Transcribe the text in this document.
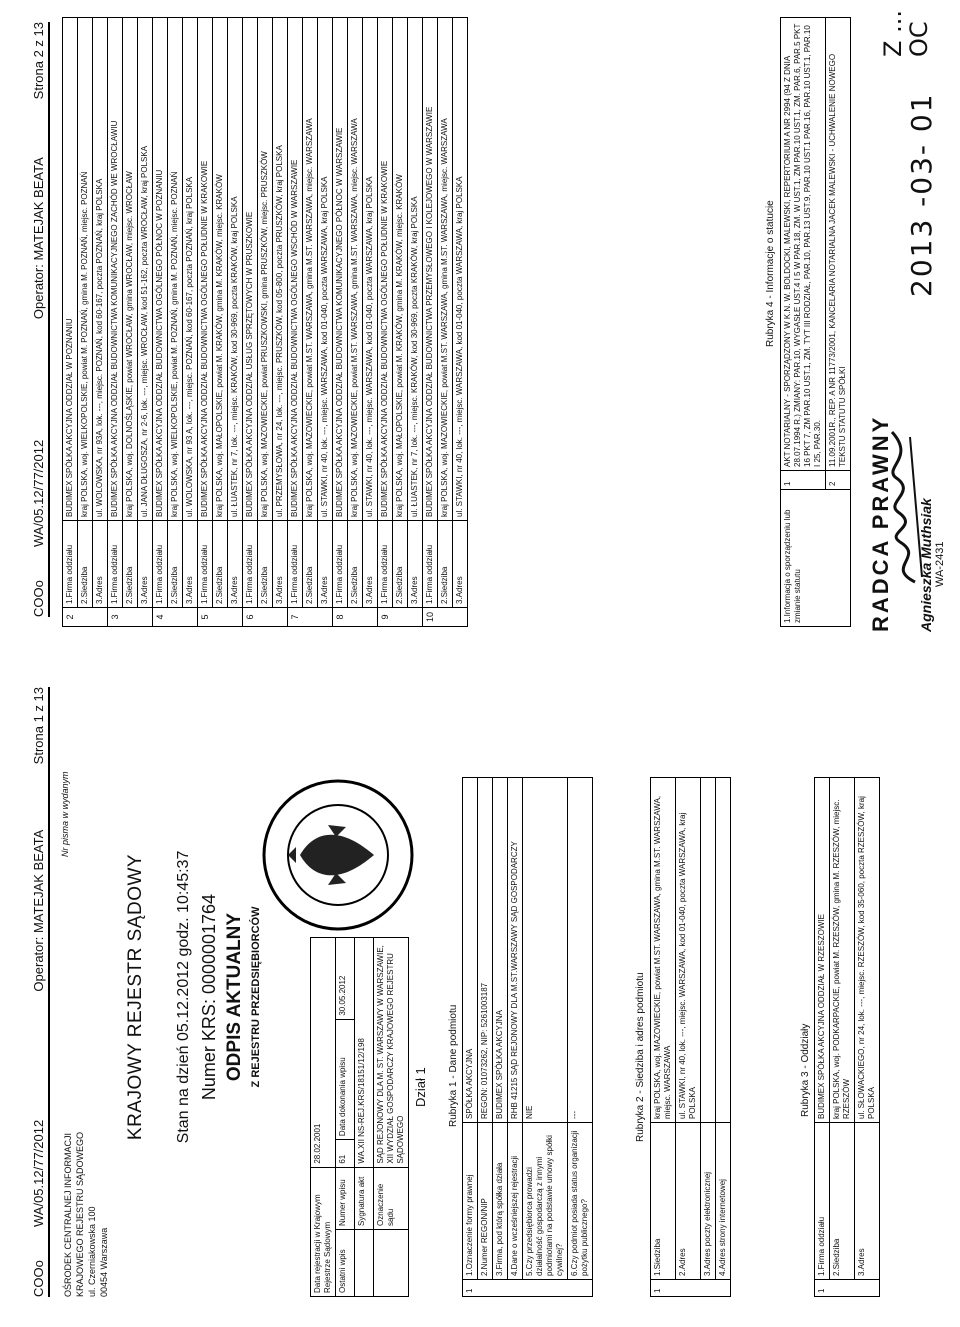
COOo
WA/05.12/77/2012
Operator: MATEJAK BEATA
Strona 1 z 13
OŚRODEK CENTRALNEJ INFORMACJI KRAJOWEGO REJESTRU SĄDOWEGO ul. Czerniakowska 100 00454 Warszawa
Nr pisma w wydanym
KRAJOWY REJESTR SĄDOWY Stan na dzień 05.12.2012 godz. 10:45:37 Numer KRS: 0000001764 ODPIS AKTUALNY Z REJESTRU PRZEDSIĘBIORCÓW
Data rejestracji w Krajowym Rejestrze Sądowym		28.02.2001		
Ostatni wpis	Numer wpisu	61	Data dokonania wpisu	30.05.2012
	Sygnatura akt	WA.XII NS-REJ.KRS/18151/12/198		
	Oznaczenie sądu	SĄD REJONOWY DLA M. ST. WARSZAWY W WARSZAWIE, XII WYDZIAŁ GOSPODARCZY KRAJOWEGO REJESTRU SĄDOWEGO		
Dział 1 Rubryka 1 - Dane podmiotu
1	1.Oznaczenie formy prawnej	SPÓŁKA AKCYJNA
	2.Numer REGON/NIP	REGON: 01073262, NIP: 5261003187
	3.Firma, pod którą spółka działa	BUDIMEX SPÓŁKA AKCYJNA
	4.Dane o wcześniejszej rejestracji	RHB 41215 SĄD REJONOWY DLA M.ST.WARSZAWY SĄD GOSPODARCZY
	5.Czy przedsiębiorca prowadzi działalność gospodarczą z innymi podmiotami na podstawie umowy spółki cywilnej?	NIE
	6.Czy podmiot posiada status organizacji pożytku publicznego?	---	Rubryka 2 - Siedziba i adres podmiotu
1	1.Siedziba	kraj POLSKA, woj. MAZOWIECKIE, powiat M.ST. WARSZAWA, gmina M.ST. WARSZAWA, miejsc. WARSZAWA
	2.Adres	ul. STAWKI, nr 40, lok. ---, miejsc. WARSZAWA, kod 01-040, poczta WARSZAWA, kraj POLSKA
	3.Adres poczty elektronicznej	
	4.Adres strony internetowej	
Rubryka 3 - Oddziały
1	1.Firma oddziału	BUDIMEX SPÓŁKA AKCYJNA ODDZIAŁ W RZESZOWIE
	2.Siedziba	kraj POLSKA, woj. PODKARPACKIE, powiat M. RZESZÓW, gmina M. RZESZÓW, miejsc. RZESZÓW
	3.Adres	ul. SŁOWACKIEGO, nr 24, lok. ---, miejsc. RZESZÓW, kod 35-060, poczta RZESZÓW, kraj POLSKA
COOo
WA/05.12/77/2012
Operator: MATEJAK BEATA
Strona 2 z 13
2	1.Firma oddziału	BUDIMEX SPÓŁKA AKCYJNA ODDZIAŁ W POZNANIU
	2.Siedziba	kraj POLSKA, woj. WIELKOPOLSKIE, powiat M. POZNAŃ, gmina M. POZNAŃ, miejsc. POZNAŃ
	3.Adres	ul. WOLOWSKA, nr 93A, lok. ---, miejsc. POZNAŃ, kod 60-167, poczta POZNAŃ, kraj POLSKA
3	1.Firma oddziału	BUDIMEX SPÓŁKA AKCYJNA ODDZIAŁ BUDOWNICTWA KOMUNIKACYJNEGO ZACHÓD WE WROCŁAWIU
	2.Siedziba	kraj POLSKA, woj. DOLNOŚLĄSKIE, powiat WROCŁAW, gmina WROCŁAW, miejsc. WROCŁAW
	3.Adres	ul. JANA DŁUGOSZA, nr 2-6, lok. ---, miejsc. WROCŁAW, kod 51-162, poczta WROCŁAW, kraj POLSKA
4	1.Firma oddziału	BUDIMEX SPÓŁKA AKCYJNA ODDZIAŁ BUDOWNICTWA OGÓLNEGO PÓŁNOC W POZNANIU
	2.Siedziba	kraj POLSKA, woj. WIELKOPOLSKIE, powiat M. POZNAŃ, gmina M. POZNAŃ, miejsc. POZNAŃ
	3.Adres	ul. WOLOWSKA, nr 93 A, lok. ---, miejsc. POZNAŃ, kod 60-167, poczta POZNAŃ, kraj POLSKA
5	1.Firma oddziału	BUDIMEX SPÓŁKA AKCYJNA ODDZIAŁ BUDOWNICTWA OGÓLNEGO POŁUDNIE W KRAKOWIE
	2.Siedziba	kraj POLSKA, woj. MAŁOPOLSKIE, powiat M. KRAKÓW, gmina M. KRAKÓW, miejsc. KRAKÓW
	3.Adres	ul. ŁUASTEK, nr 7, lok. ---, miejsc. KRAKÓW, kod 30-969, poczta KRAKÓW, kraj POLSKA
6	1.Firma oddziału	BUDIMEX SPÓŁKA AKCYJNA ODDZIAŁ USŁUG SPRZĘTOWYCH W PRUSZKOWIE
	2.Siedziba	kraj POLSKA, woj. MAZOWIECKIE, powiat PRUSZKOWSKI, gmina PRUSZKÓW, miejsc. PRUSZKÓW
	3.Adres	ul. PRZEMYSŁOWA, nr 24, lok. ---, miejsc. PRUSZKÓW, kod 05-800, poczta PRUSZKÓW, kraj POLSKA
7	1.Firma oddziału	BUDIMEX SPÓŁKA AKCYJNA ODDZIAŁ BUDOWNICTWA OGÓLNEGO WSCHÓD W WARSZAWIE
	2.Siedziba	kraj POLSKA, woj. MAZOWIECKIE, powiat M.ST. WARSZAWA, gmina M.ST. WARSZAWA, miejsc. WARSZAWA
	3.Adres	ul. STAWKI, nr 40, lok. ---, miejsc. WARSZAWA, kod 01-040, poczta WARSZAWA, kraj POLSKA
8	1.Firma oddziału	BUDIMEX SPÓŁKA AKCYJNA ODDZIAŁ BUDOWNICTWA KOMUNIKACYJNEGO PÓŁNOC W WARSZAWIE
	2.Siedziba	kraj POLSKA, woj. MAZOWIECKIE, powiat M.ST. WARSZAWA, gmina M.ST. WARSZAWA, miejsc. WARSZAWA
	3.Adres	ul. STAWKI, nr 40, lok. ---, miejsc. WARSZAWA, kod 01-040, poczta WARSZAWA, kraj POLSKA
9	1.Firma oddziału	BUDIMEX SPÓŁKA AKCYJNA ODDZIAŁ BUDOWNICTWA OGÓLNEGO POŁUDNIE W KRAKOWIE
	2.Siedziba	kraj POLSKA, woj. MAŁOPOLSKIE, powiat M. KRAKÓW, gmina M. KRAKÓW, miejsc. KRAKÓW
	3.Adres	ul. ŁUASTEK, nr 7, lok. ---, miejsc. KRAKÓW, kod 30-969, poczta KRAKÓW, kraj POLSKA
10	1.Firma oddziału	BUDIMEX SPÓŁKA AKCYJNA ODDZIAŁ BUDOWNICTWA PRZEMYSŁOWEGO I KOLEJOWEGO W WARSZAWIE
	2.Siedziba	kraj POLSKA, woj. MAZOWIECKIE, powiat M.ST. WARSZAWA, gmina M.ST. WARSZAWA, miejsc. WARSZAWA
	3.Adres	ul. STAWKI, nr 40, lok. ---, miejsc. WARSZAWA, kod 01-040, poczta WARSZAWA, kraj POLSKA	Rubryka 4 - Informacje o statucie
1.Informacja o sporządzeniu lub zmianie statutu	1	AKT NOTARIALNY - SPORZĄDZONY W K.N. W. BOLDOCKI, MALEWSKI, REPERTORIUM A NR 2994 (94 Z DNIA 28.07.1994 R.) ZMIANY: PAR.10, WYGASŁE UST.4 I 5 W PAR.18, ZM. W UST.1, ZM PAR.10 UST.1, ZM. PAR.6, PAR.5 PKT 16 PKT 7, ZM PAR.10 UST.1, ZM. TYT III RODZIAŁ, PAR.10, PAR.13 UST.9, PAR.10 UST.1 PAR.16, PAR.10 UST.1, PAR.10 I 25, PAR.30.
	2	11.09.2001R., REP. A NR 11773/2001, KANCELARIA NOTARIALNA JACEK MALEWSKI - UCHWALENIE NOWEGO TEKSTU STATUTU SPÓŁKI RADCA PRAWNY Agnieszka Muthsiak WA-2431
2013 -03- 01
Z ... OC
